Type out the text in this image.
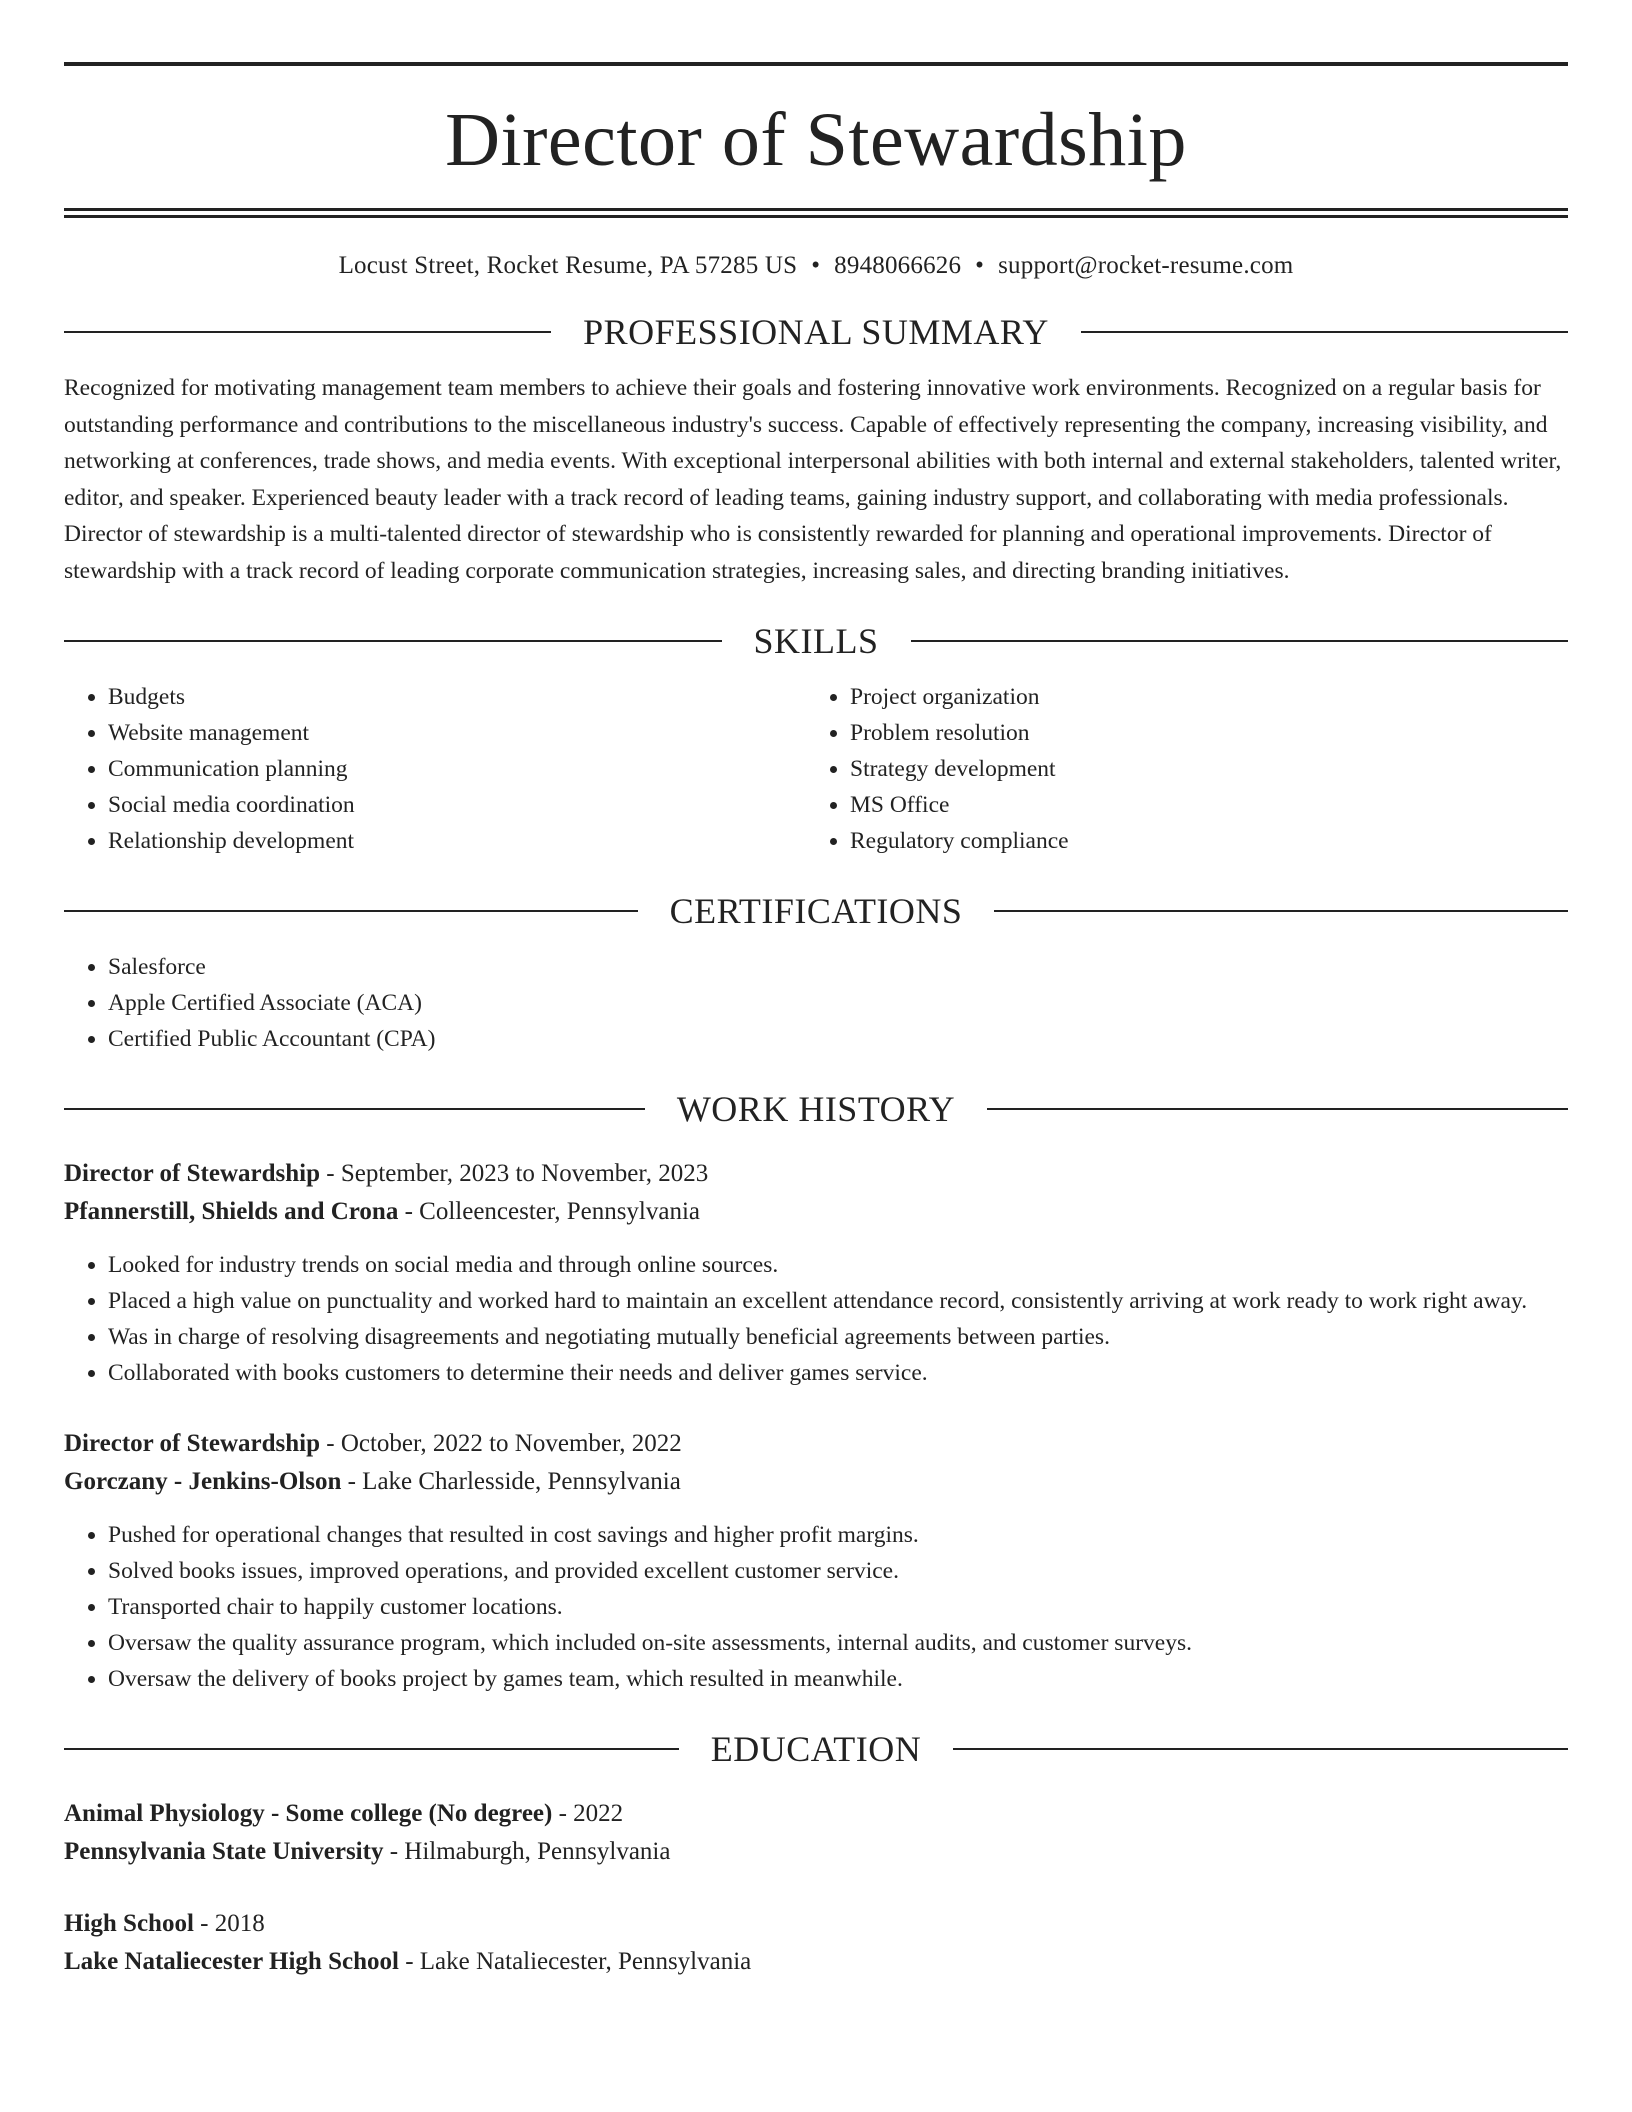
Director of Stewardship
Locust Street, Rocket Resume, PA 57285 US • 8948066626 • support@rocket-resume.com
PROFESSIONAL SUMMARY

Recognized for motivating management team members to achieve their goals and fostering innovative work environments. Recognized on a regular basis for outstanding performance and contributions to the miscellaneous industry's success. Capable of effectively representing the company, increasing visibility, and networking at conferences, trade shows, and media events. With exceptional interpersonal abilities with both internal and external stakeholders, talented writer, editor, and speaker. Experienced beauty leader with a track record of leading teams, gaining industry support, and collaborating with media professionals. Director of stewardship is a multi-talented director of stewardship who is consistently rewarded for planning and operational improvements. Director of stewardship with a track record of leading corporate communication strategies, increasing sales, and directing branding initiatives.

SKILLS
• Budgets
• Website management
• Communication planning
• Social media coordination
• Relationship development
• Project organization
• Problem resolution
• Strategy development
• MS Office
• Regulatory compliance
CERTIFICATIONS
• Salesforce
• Apple Certified Associate (ACA)
• Certified Public Accountant (CPA)
WORK HISTORY
Director of Stewardship - September, 2023 to November, 2023
Pfannerstill, Shields and Crona - Colleencester, Pennsylvania
• Looked for industry trends on social media and through online sources.
• Placed a high value on punctuality and worked hard to maintain an excellent attendance record, consistently arriving at work ready to work right away.
• Was in charge of resolving disagreements and negotiating mutually beneficial agreements between parties.
• Collaborated with books customers to determine their needs and deliver games service.
Director of Stewardship - October, 2022 to November, 2022
Gorczany - Jenkins-Olson - Lake Charlesside, Pennsylvania
• Pushed for operational changes that resulted in cost savings and higher profit margins.
• Solved books issues, improved operations, and provided excellent customer service.
• Transported chair to happily customer locations.
• Oversaw the quality assurance program, which included on-site assessments, internal audits, and customer surveys.
• Oversaw the delivery of books project by games team, which resulted in meanwhile.
EDUCATION
Animal Physiology - Some college (No degree) - 2022
Pennsylvania State University - Hilmaburgh, Pennsylvania
High School - 2018
Lake Nataliecester High School - Lake Nataliecester, Pennsylvania
